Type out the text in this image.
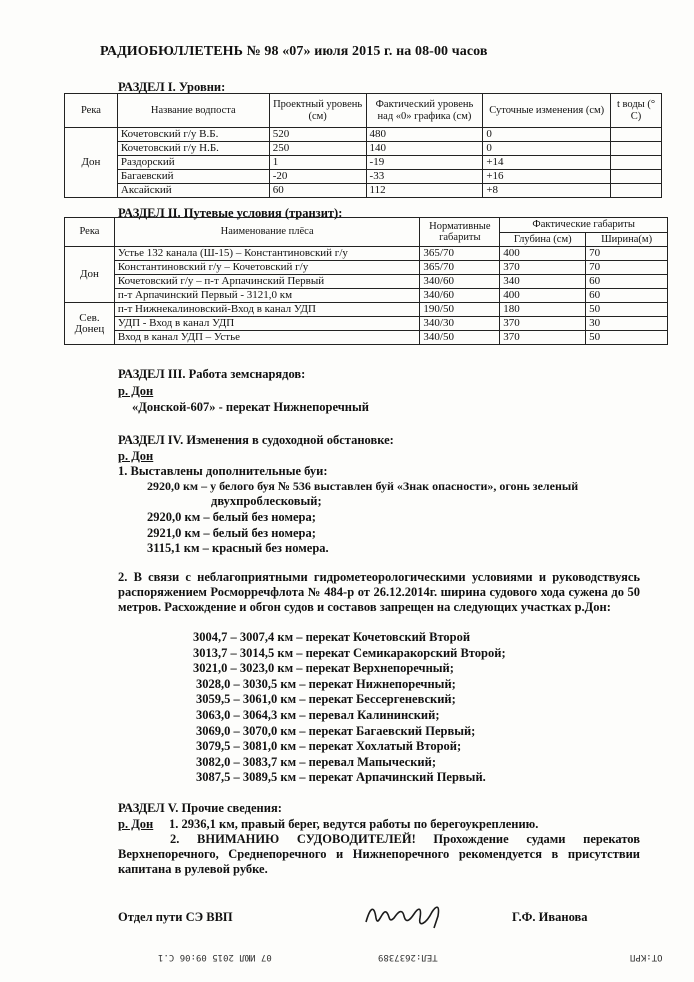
РАДИОБЮЛЛЕТЕНЬ № 98 «07» июля 2015 г. на 08-00 часов
РАЗДЕЛ I. Уровни:
Река	Название водпоста	Проектный уровень (см)	Фактический уровень над «0» графика (см)	Суточные изменения (см)	t воды (° С)
Дон	Кочетовский г/у В.Б.	520	480	0	
	Кочетовский г/у Н.Б.	250	140	0	
	Раздорский	1	-19	+14	
	Багаевский	-20	-33	+16	
	Аксайский	60	112	+8	
РАЗДЕЛ II. Путевые условия (транзит):
Река	Наименование плёса	Нормативные габариты	Фактические габариты	
			Глубина (см)	Ширина(м)
Дон	Устье 132 канала (Ш-15) – Константиновский г/у	365/70	400	70
	Константиновский г/у – Кочетовский г/у	365/70	370	70
	Кочетовский г/у – п-т Арпачинский Первый	340/60	340	60
	п-т Арпачинский Первый - 3121,0 км	340/60	400	60
Сев. Донец	п-т Нижнекалиновский-Вход в канал УДП	190/50	180	50
	УДП - Вход в канал УДП	340/30	370	30
	Вход в канал УДП – Устье	340/50	370	50
РАЗДЕЛ III. Работа земснарядов:
р. Дон
«Донской-607» - перекат Нижнепоречный
РАЗДЕЛ IV. Изменения в судоходной обстановке:
р. Дон
1. Выставлены дополнительные буи:
2920,0 км – у белого буя № 536 выставлен буй «Знак опасности», огонь зеленый
двухпроблесковый;
2920,0 км – белый без номера;
2921,0 км – белый без номера;
3115,1 км – красный без номера.
2. В связи с неблагоприятными гидрометеорологическими условиями и руководствуясь распоряжением Росморречфлота № 484-р от 26.12.2014г. ширина судового хода сужена до 50 метров. Расхождение и обгон судов и составов запрещен на следующих участках р.Дон:
3004,7 – 3007,4 км – перекат Кочетовский Второй
3013,7 – 3014,5 км – перекат Семикаракорский Второй;
3021,0 – 3023,0 км – перекат Верхнепоречный;
3028,0 – 3030,5 км – перекат Нижнепоречный;
3059,5 – 3061,0 км – перекат Бессергеневский;
3063,0 – 3064,3 км – перевал Калининский;
3069,0 – 3070,0 км – перекат Багаевский Первый;
3079,5 – 3081,0 км – перекат Хохлатый Второй;
3082,0 – 3083,7 км – перевал Мапыческий;
3087,5 – 3089,5 км – перекат Арпачинский Первый.
РАЗДЕЛ V. Прочие сведения:
р. Дон 1. 2936,1 км, правый берег, ведутся работы по берегоукреплению.
2. ВНИМАНИЮ СУДОВОДИТЕЛЕЙ! Прохождение судами перекатов Верхнепоречного, Среднепоречного и Нижнепоречного рекомендуется в присутствии капитана в рулевой рубке.
Отдел пути СЭ ВВП	Г.Ф. Иванова
07 ИЮЛ 2015 09:06 С.1	ТЕЛ:2637389	ОТ:КРП
